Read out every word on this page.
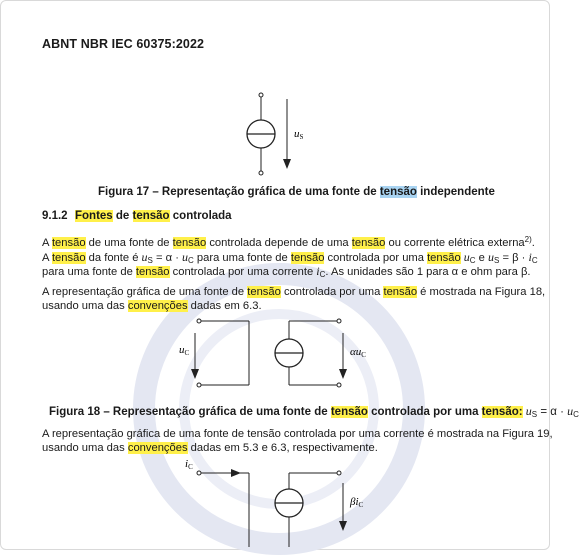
ABNT NBR IEC 60375:2022
uS
Figura 17 – Representação gráfica de uma fonte de tensão independente
9.1.2 Fontes de tensão controlada
A tensão de uma fonte de tensão controlada depende de uma tensão ou corrente elétrica externa$^{2)}$.
A tensão da fonte é $u_S = \alpha \cdot u_C$ para uma fonte de tensão controlada por uma tensão $u_C$ e $u_S = \beta \cdot i_C$
para uma fonte de tensão controlada por uma corrente $i_C$. As unidades são 1 para α e ohm para β.
A representação gráfica de uma fonte de tensão controlada por uma tensão é mostrada na Figura 18,
usando uma das convenções dadas em 6.3.
uC	αuC
Figura 18 – Representação gráfica de uma fonte de tensão controlada por uma tensão: $u_S = \alpha \cdot u_C$
A representação gráfica de uma fonte de tensão controlada por uma corrente é mostrada na Figura 19,
usando uma das convenções dadas em 5.3 e 6.3, respectivamente.
iC
βiC
